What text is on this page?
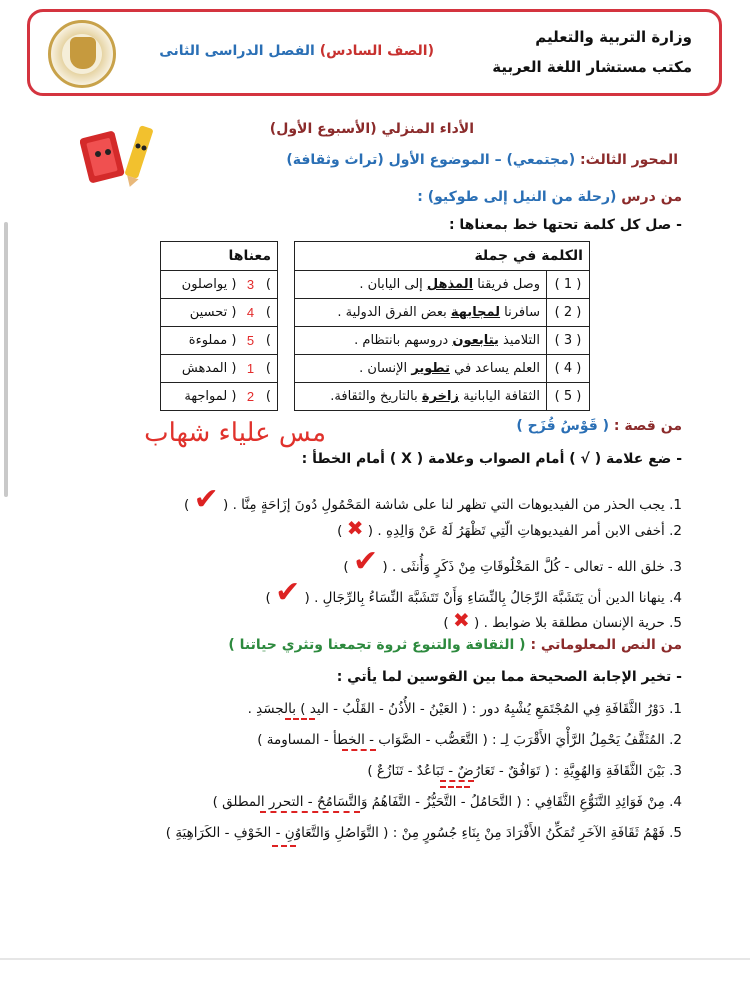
وزارة التربية والتعليم
مكتب مستشار اللغة العربية
(الصف السادس) الفصل الدراسى الثانى
الأداء المنزلي (الأسبوع الأول)
المحور الثالث: (مجتمعي) – الموضوع الأول (تراث وثقافة)
من درس (رحلة من النيل إلى طوكيو) :
- صل كل كلمة تحتها خط بمعناها :
الكلمة في جملة	
( 1 )	وصل فريقنا المذهل إلى اليابان .
( 2 )	سافرنا لمجابهة بعض الفرق الدولية .
( 3 )	التلاميذ يتابعون دروسهم بانتظام .
( 4 )	العلم يساعد في تطوير الإنسان .
( 5 )	الثقافة اليابانية زاخرة بالتاريخ والثقافة.
معناها		
)	3	( يواصلون
)	4	( تحسين
)	5	( مملوءة
)	1	( المدهش
)	2	( لمواجهة
مس علياء شهاب	من قصة : ( قَوْسُ قُزَح )
- ضع علامة ( √ ) أمام الصواب وعلامة ( X ) أمام الخطأ :
1. يجب الحذر من الفيديوهات التي تظهر لنا على شاشة المَحْمُولِ دُونَ إزَاحَةٍ مِنَّا . ( ✔ )
2. أخفى الابن أمر الفيديوهاتِ الّتِي تَظْهَرُ لَهُ عَنْ وَالِدِهِ . ( ✖ )
3. خلق الله - تعالى - كُلَّ المَخْلُوقَاتِ مِنْ ذَكَرٍ وَأُنثَى . ( ✔ )
4. ينهانا الدين أن يَتَشَبَّهَ الرِّجَالُ بِالنِّسَاءِ وَأَنْ تَتَشَبَّهَ النِّسَاءُ بِالرِّجَالِ . ( ✔ )
5. حرية الإنسان مطلقة بلا ضوابط . ( ✖ )
من النص المعلوماتي : ( الثقافة والتنوع ثروة تجمعنا وتثري حياتنا )
- تخير الإجابة الصحيحة مما بين القوسين لما يأتي :
1. دَوْرُ الثَّقَافَةِ فِي المُجْتَمَعِ يُشْبِهُ دور : ( العَيْنُ - الأُذُنُ - القَلْبُ - اليد ) بالجسَدِ .
2. المُثَقَّفُ يَحْمِلُ الرَّأْيَ الأَقْرَبَ لِـ : ( التَّعَصُّب - الصَّوَاب - الخطأ - المساومة )
3. بَيْنَ الثَّقَافَةِ وَالهُوِيَّةِ : ( تَوَافُقٌ - تَعَارُضٌ - تَبَاعُدٌ - تَنَازُعٌ )
4. مِنْ فَوَائِدِ التَّنَوُّعِ الثَّقَافِي : ( التَّحَامُلُ - التَّحَيُّزُ - التَّفَاهُمُ وَالتَّسَامُحُ - التحرر المطلق )
5. فَهْمُ ثَقَافَةِ الآخَرِ تُمَكِّنُ الأَفْرَادَ مِنْ بِنَاءِ جُسُورٍ مِنْ : ( التَّوَاصُلِ وَالتَّعَاوُنِ - الخَوْفِ - الكَرَاهِيَةِ )
